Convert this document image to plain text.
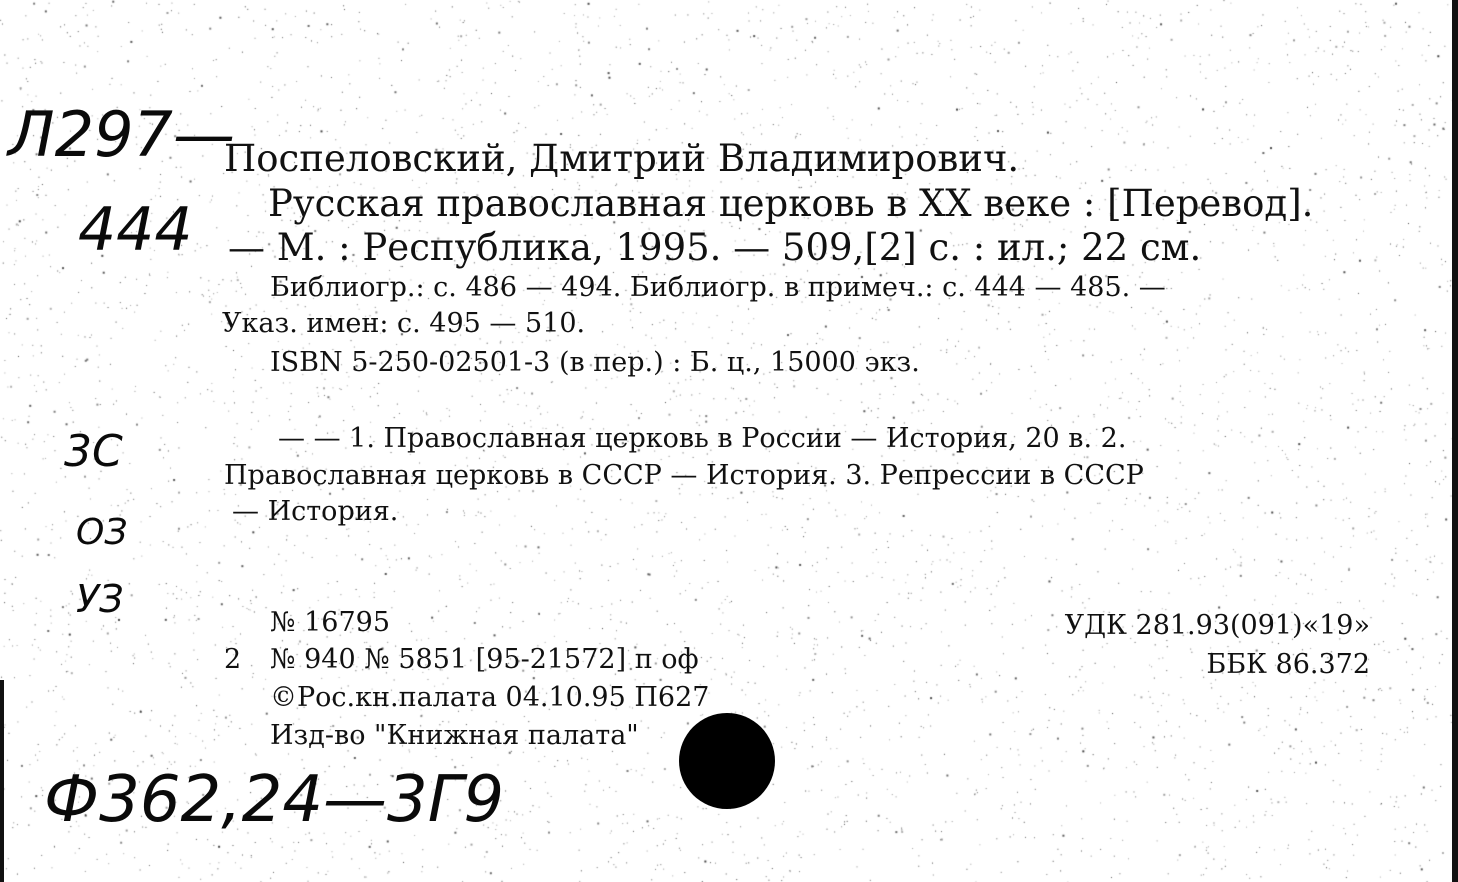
Л297—
444
3С
ОЗ
УЗ
Ф362,24—3Г9
Поспеловский, Дмитрий Владимирович.
Русская православная церковь в XX веке : [Перевод].
— М. : Республика, 1995. — 509,[2] с. : ил.; 22 см.
Библиогр.: с. 486 — 494. Библиогр. в примеч.: с. 444 — 485. —
Указ. имен: с. 495 — 510.
ISBN 5-250-02501-3 (в пер.) : Б. ц., 15000 экз.
— — 1. Православная церковь в России — История, 20 в. 2.
Православная церковь в СССР — История. 3. Репрессии в СССР
— История.
№ 16795
2 № 940 № 5851 [95-21572] п оф
©Рос.кн.палата 04.10.95 П627
Изд-во "Книжная палата"
УДК 281.93(091)«19»
ББК 86.372
